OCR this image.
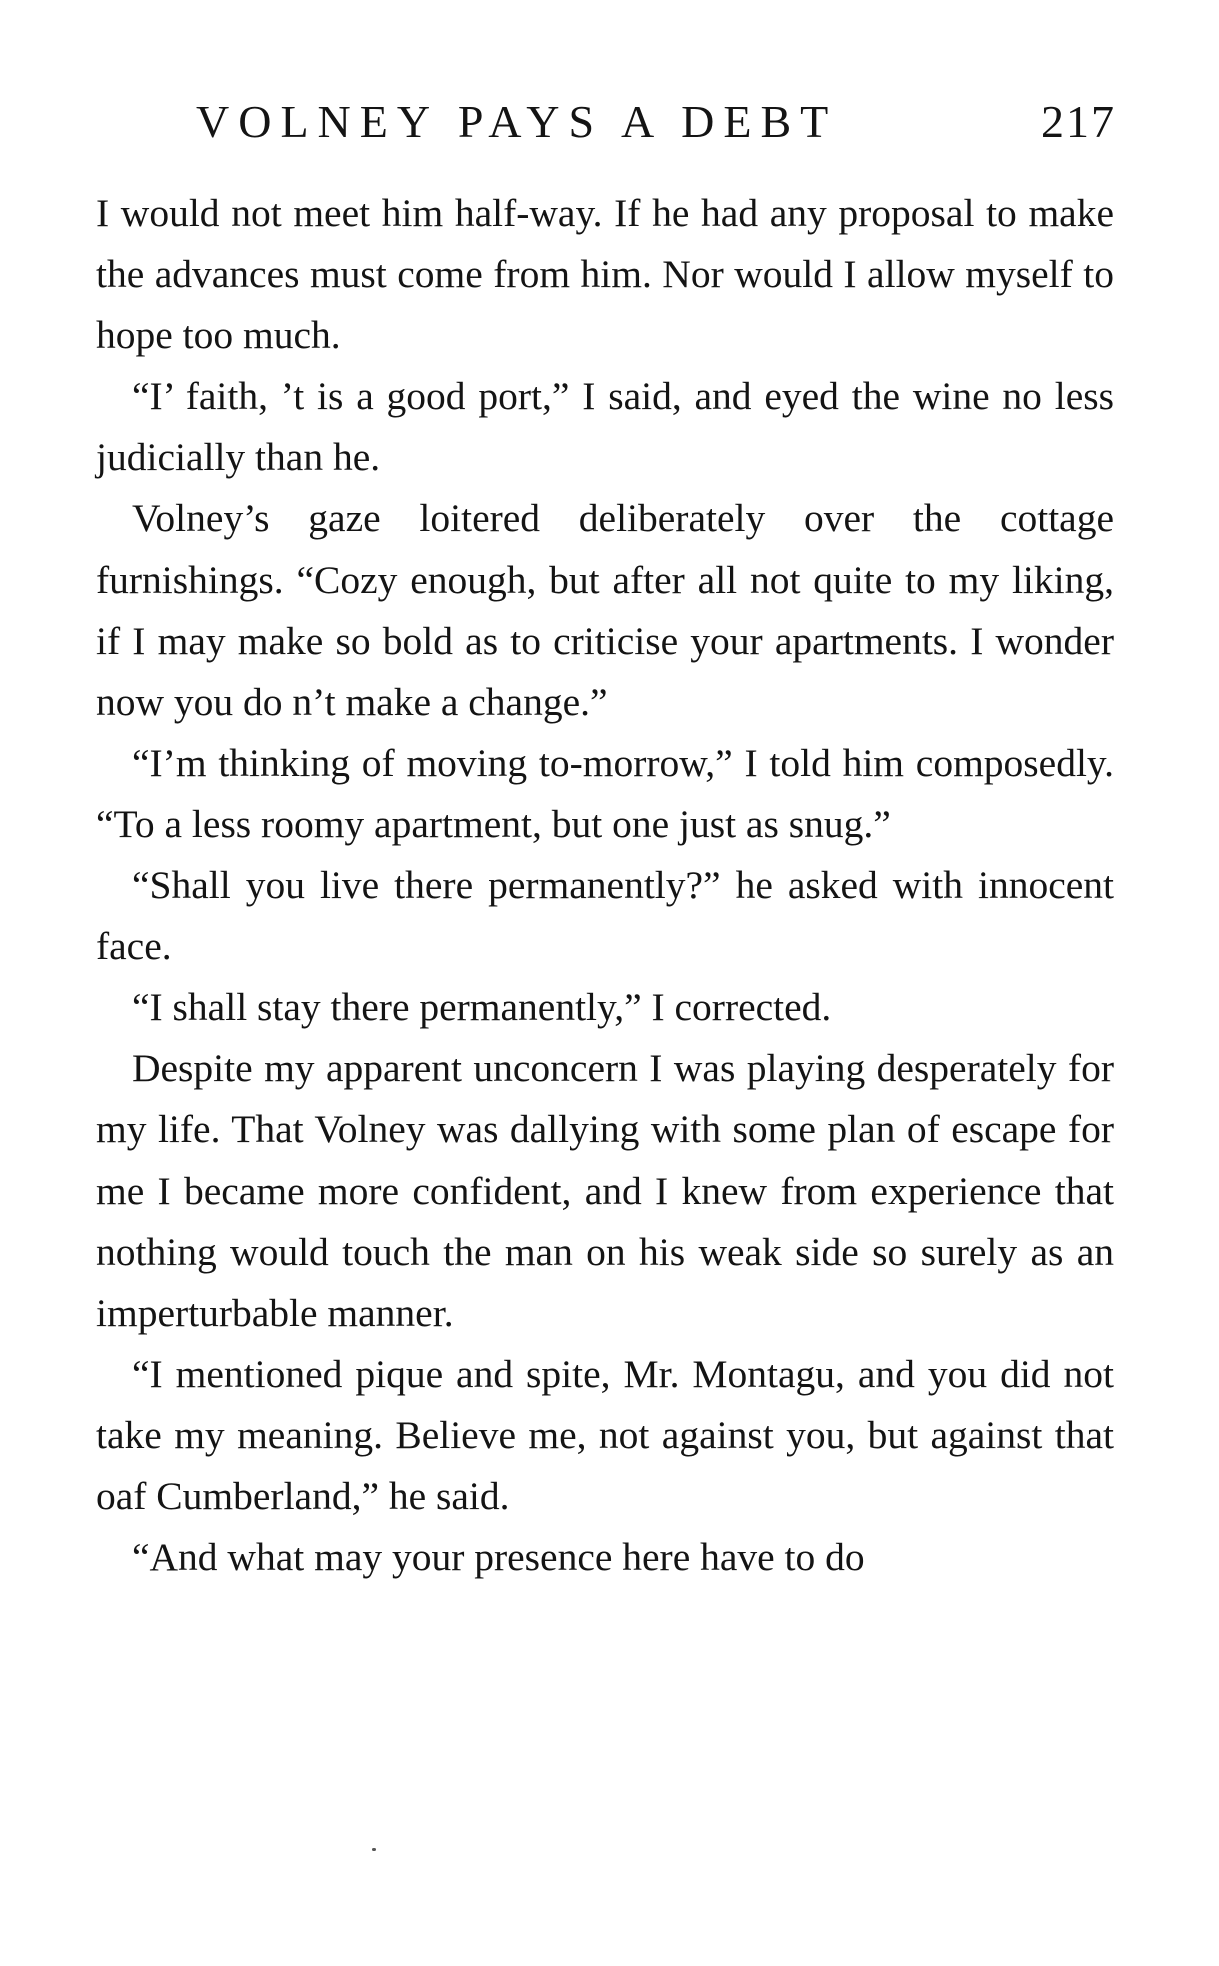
VOLNEY PAYS A DEBT	217

I would not meet him half-way. If he had any proposal to make the advances must come from him. Nor would I allow myself to hope too much.

“I’ faith, ’t is a good port,” I said, and eyed the wine no less judicially than he.

Volney’s gaze loitered deliberately over the cottage furnishings. “Cozy enough, but after all not quite to my liking, if I may make so bold as to criticise your apartments. I wonder now you do n’t make a change.”

“I’m thinking of moving to-morrow,” I told him composedly. “To a less roomy apartment, but one just as snug.”

“Shall you live there permanently?” he asked with innocent face.

“I shall stay there permanently,” I corrected.

Despite my apparent unconcern I was playing desperately for my life. That Volney was dallying with some plan of escape for me I became more confident, and I knew from experience that nothing would touch the man on his weak side so surely as an imperturbable manner.

“I mentioned pique and spite, Mr. Montagu, and you did not take my meaning. Believe me, not against you, but against that oaf Cumberland,” he said.

“And what may your presence here have to do
